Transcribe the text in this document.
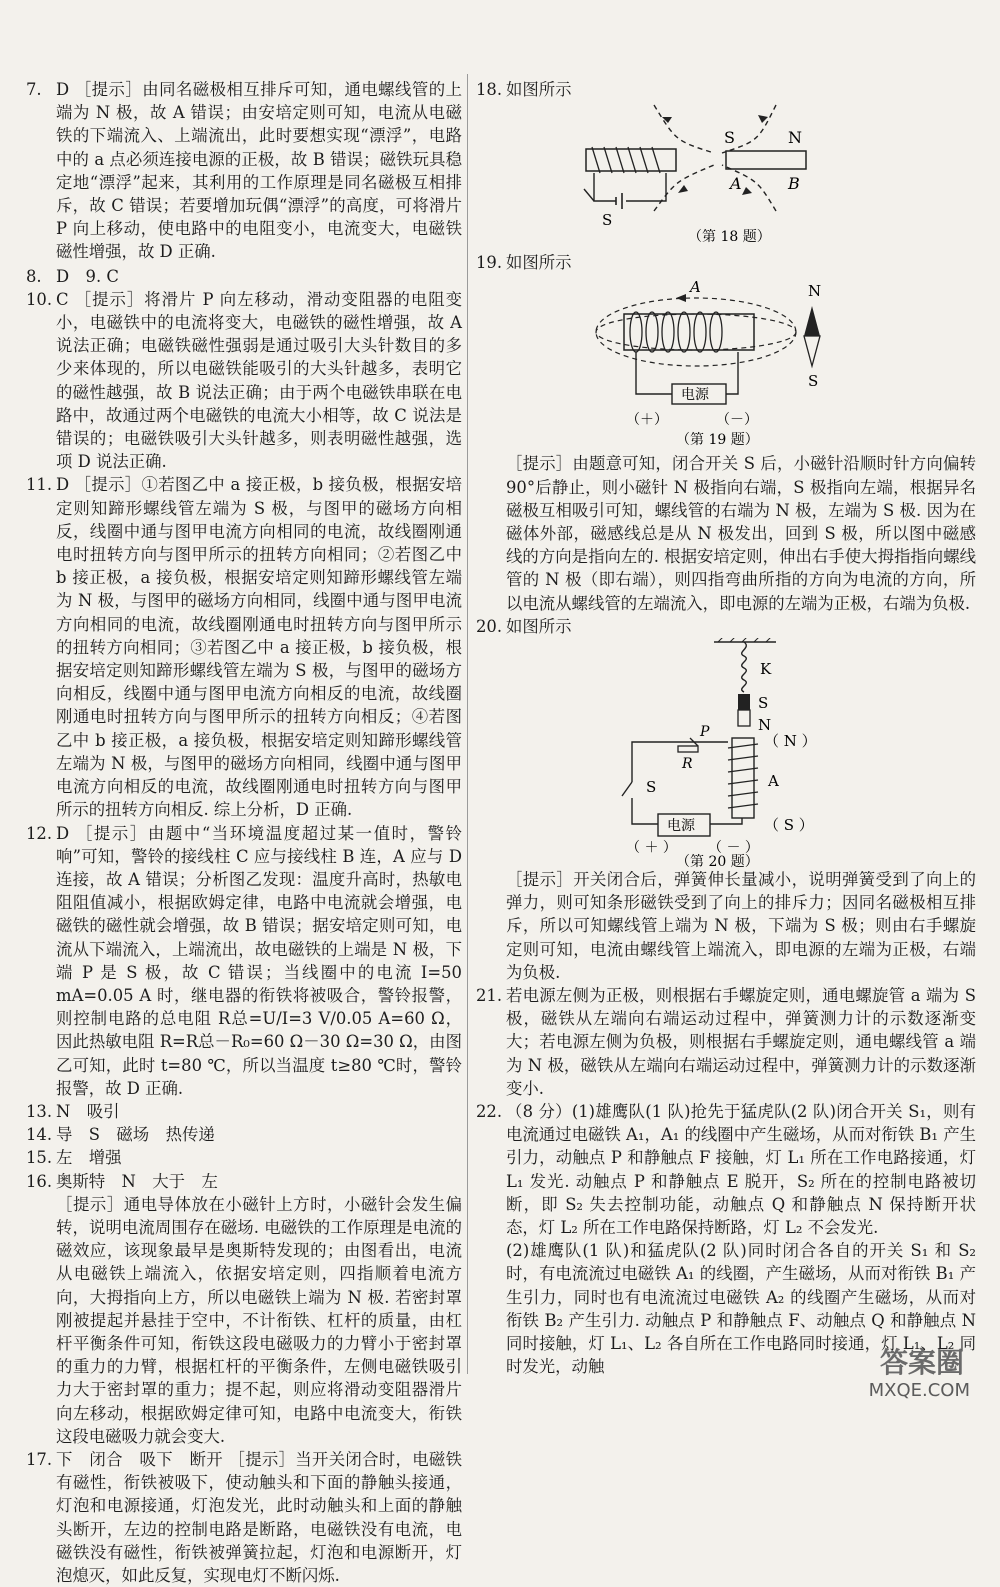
7. D ［提示］由同名磁极相互排斥可知，通电螺线管的上端为 N 极，故 A 错误；由安培定则可知，电流从电磁铁的下端流入、上端流出，此时要想实现“漂浮”，电路中的 a 点必须连接电源的正极，故 B 错误；磁铁玩具稳定地“漂浮”起来，其利用的工作原理是同名磁极互相排斥，故 C 错误；若要增加玩偶“漂浮”的高度，可将滑片 P 向上移动，使电路中的电阻变小，电流变大，电磁铁磁性增强，故 D 正确.
8. D　9. C
10. C ［提示］将滑片 P 向左移动，滑动变阻器的电阻变小，电磁铁中的电流将变大，电磁铁的磁性增强，故 A 说法正确；电磁铁磁性强弱是通过吸引大头针数目的多少来体现的，所以电磁铁能吸引的大头针越多，表明它的磁性越强，故 B 说法正确；由于两个电磁铁串联在电路中，故通过两个电磁铁的电流大小相等，故 C 说法是错误的；电磁铁吸引大头针越多，则表明磁性越强，选项 D 说法正确.
11. D ［提示］①若图乙中 a 接正极，b 接负极，根据安培定则知蹄形螺线管左端为 S 极，与图甲的磁场方向相反，线圈中通与图甲电流方向相同的电流，故线圈刚通电时扭转方向与图甲所示的扭转方向相同；②若图乙中 b 接正极，a 接负极，根据安培定则知蹄形螺线管左端为 N 极，与图甲的磁场方向相同，线圈中通与图甲电流方向相同的电流，故线圈刚通电时扭转方向与图甲所示的扭转方向相同；③若图乙中 a 接正极，b 接负极，根据安培定则知蹄形螺线管左端为 S 极，与图甲的磁场方向相反，线圈中通与图甲电流方向相反的电流，故线圈刚通电时扭转方向与图甲所示的扭转方向相反；④若图乙中 b 接正极，a 接负极，根据安培定则知蹄形螺线管左端为 N 极，与图甲的磁场方向相同，线圈中通与图甲电流方向相反的电流，故线圈刚通电时扭转方向与图甲所示的扭转方向相反. 综上分析，D 正确.
12. D ［提示］由题中“当环境温度超过某一值时，警铃响”可知，警铃的接线柱 C 应与接线柱 B 连，A 应与 D 连接，故 A 错误；分析图乙发现：温度升高时，热敏电阻阻值减小，根据欧姆定律，电路中电流就会增强，电磁铁的磁性就会增强，故 B 错误；据安培定则可知，电流从下端流入，上端流出，故电磁铁的上端是 N 极，下端 P 是 S 极，故 C 错误；当线圈中的电流 I=50 mA=0.05 A 时，继电器的衔铁将被吸合，警铃报警，则控制电路的总电阻 R总=U/I=3 V/0.05 A=60 Ω，因此热敏电阻 R=R总－R₀=60 Ω－30 Ω=30 Ω，由图乙可知，此时 t=80 ℃，所以当温度 t≥80 ℃时，警铃报警，故 D 正确.
13. N　吸引
14. 导　S　磁场　热传递
15. 左　增强
16. 奥斯特　N　大于　左
［提示］通电导体放在小磁针上方时，小磁针会发生偏转，说明电流周围存在磁场. 电磁铁的工作原理是电流的磁效应，该现象最早是奥斯特发现的；由图看出，电流从电磁铁上端流入，依据安培定则，四指顺着电流方向，大拇指向上方，所以电磁铁上端为 N 极. 若密封罩刚被提起并悬挂于空中，不计衔铁、杠杆的质量，由杠杆平衡条件可知，衔铁这段电磁吸力的力臂小于密封罩的重力的力臂，根据杠杆的平衡条件，左侧电磁铁吸引力大于密封罩的重力；提不起，则应将滑动变阻器滑片向左移动，根据欧姆定律可知，电路中电流变大，衔铁这段电磁吸力就会变大.
17. 下　闭合　吸下　断开 ［提示］当开关闭合时，电磁铁有磁性，衔铁被吸下，使动触头和下面的静触头接通，灯泡和电源接通，灯泡发光，此时动触头和上面的静触头断开，左边的控制电路是断路，电磁铁没有电流，电磁铁没有磁性，衔铁被弹簧拉起，灯泡和电源断开，灯泡熄灭，如此反复，实现电灯不断闪烁.
18. 如图所示
S
S	N
A	B
（第 18 题）
19. 如图所示
A
电源
（＋）	（－）
N
S
（第 19 题）
［提示］由题意可知，闭合开关 S 后，小磁针沿顺时针方向偏转 90°后静止，则小磁针 N 极指向右端，S 极指向左端，根据异名磁极互相吸引可知，螺线管的右端为 N 极，左端为 S 极. 因为在磁体外部，磁感线总是从 N 极发出，回到 S 极，所以图中磁感线的方向是指向左的. 根据安培定则，伸出右手使大拇指指向螺线管的 N 极（即右端），则四指弯曲所指的方向为电流的方向，所以电流从螺线管的左端流入，即电源的左端为正极，右端为负极.
20. 如图所示
K
S
N
（ N ）
A
（ S ）
S
P
R
电源
（ ＋ ） （ － ）
（第 20 题）
［提示］开关闭合后，弹簧伸长量减小，说明弹簧受到了向上的弹力，则可知条形磁铁受到了向上的排斥力；因同名磁极相互排斥，所以可知螺线管上端为 N 极，下端为 S 极；则由右手螺旋定则可知，电流由螺线管上端流入，即电源的左端为正极，右端为负极.
21. 若电源左侧为正极，则根据右手螺旋定则，通电螺旋管 a 端为 S 极，磁铁从左端向右端运动过程中，弹簧测力计的示数逐渐变大；若电源左侧为负极，则根据右手螺旋定则，通电螺线管 a 端为 N 极，磁铁从左端向右端运动过程中，弹簧测力计的示数逐渐变小.
22. （8 分）(1)雄鹰队(1 队)抢先于猛虎队(2 队)闭合开关 S₁，则有电流通过电磁铁 A₁，A₁ 的线圈中产生磁场，从而对衔铁 B₁ 产生引力，动触点 P 和静触点 F 接触，灯 L₁ 所在工作电路接通，灯 L₁ 发光. 动触点 P 和静触点 E 脱开，S₂ 所在的控制电路被切断，即 S₂ 失去控制功能，动触点 Q 和静触点 N 保持断开状态，灯 L₂ 所在工作电路保持断路，灯 L₂ 不会发光.
(2)雄鹰队(1 队)和猛虎队(2 队)同时闭合各自的开关 S₁ 和 S₂ 时，有电流流过电磁铁 A₁ 的线圈，产生磁场，从而对衔铁 B₁ 产生引力，同时也有电流流过电磁铁 A₂ 的线圈产生磁场，从而对衔铁 B₂ 产生引力. 动触点 P 和静触点 F、动触点 Q 和静触点 N 同时接触，灯 L₁、L₂ 各自所在工作电路同时接通，灯 L₁、L₂ 同时发光，动触	答案圈
MXQE.COM
